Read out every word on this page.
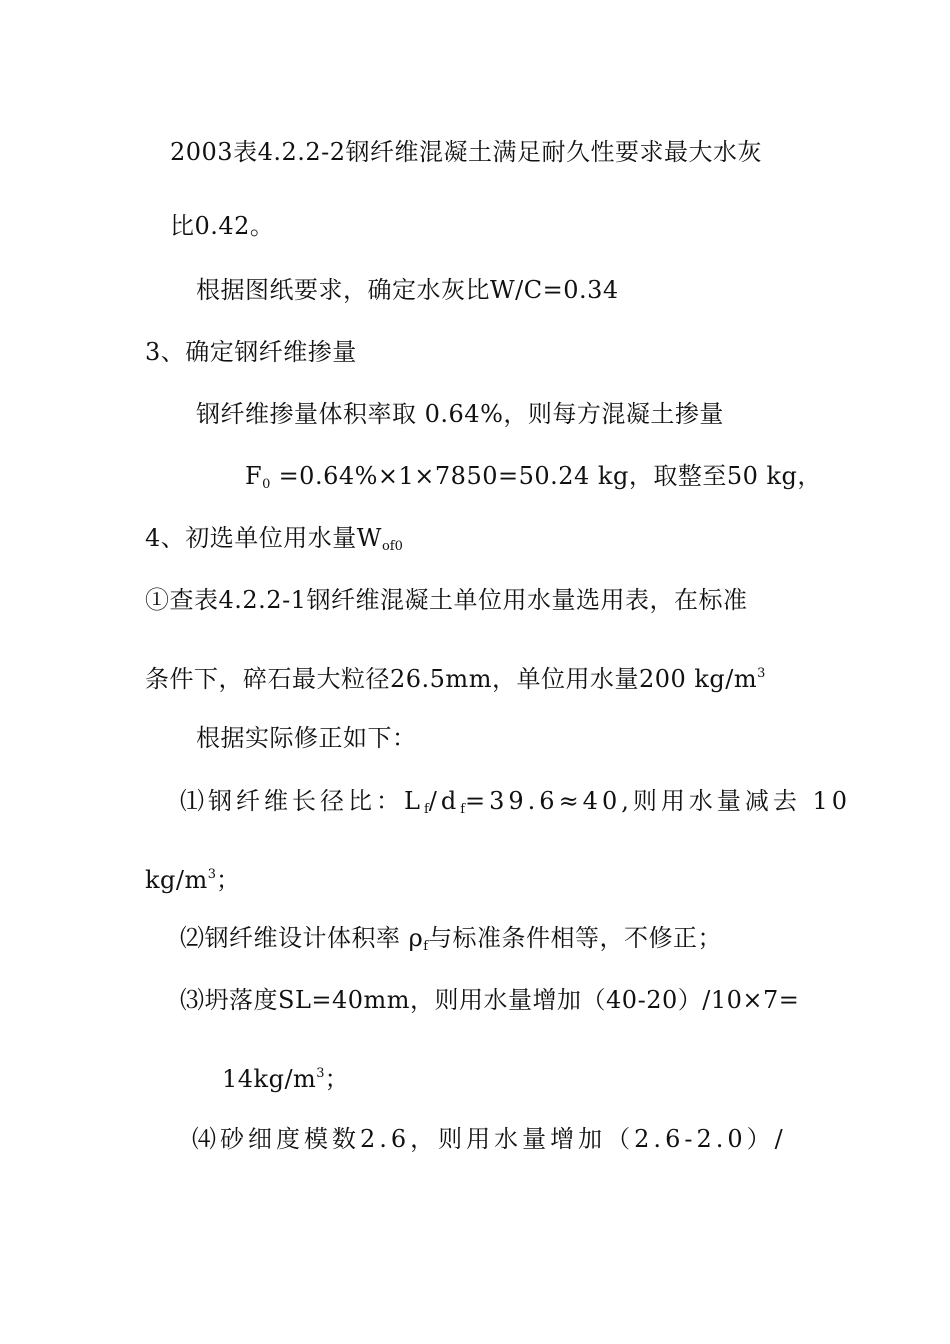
2003表4.2.2-2钢纤维混凝土满足耐久性要求最大水灰
比0.42。
根据图纸要求，确定水灰比W/C=0.34
3、确定钢纤维掺量
钢纤维掺量体积率取 0.64%，则每方混凝土掺量
$F_0 =0.64\%\times 1\times 7850=50.24$ kg，取整至50 kg，
4、初选单位用水量$W_{of0}$
①查表4.2.2-1钢纤维混凝土单位用水量选用表，在标准
条件下，碎石最大粒径26.5mm，单位用水量200 $kg/m^3$
根据实际修正如下：
⑴钢纤维长径比：$L_f/d_f=39.6\approx 40$,则用水量减去 10
$kg/m^3$；
⑵钢纤维设计体积率 $\rho_f$与标准条件相等，不修正；
⑶坍落度SL=40mm，则用水量增加（40-20）/10×7=
$14kg/m^3$；
⑷砂细度模数2.6，则用水量增加（2.6-2.0）/
